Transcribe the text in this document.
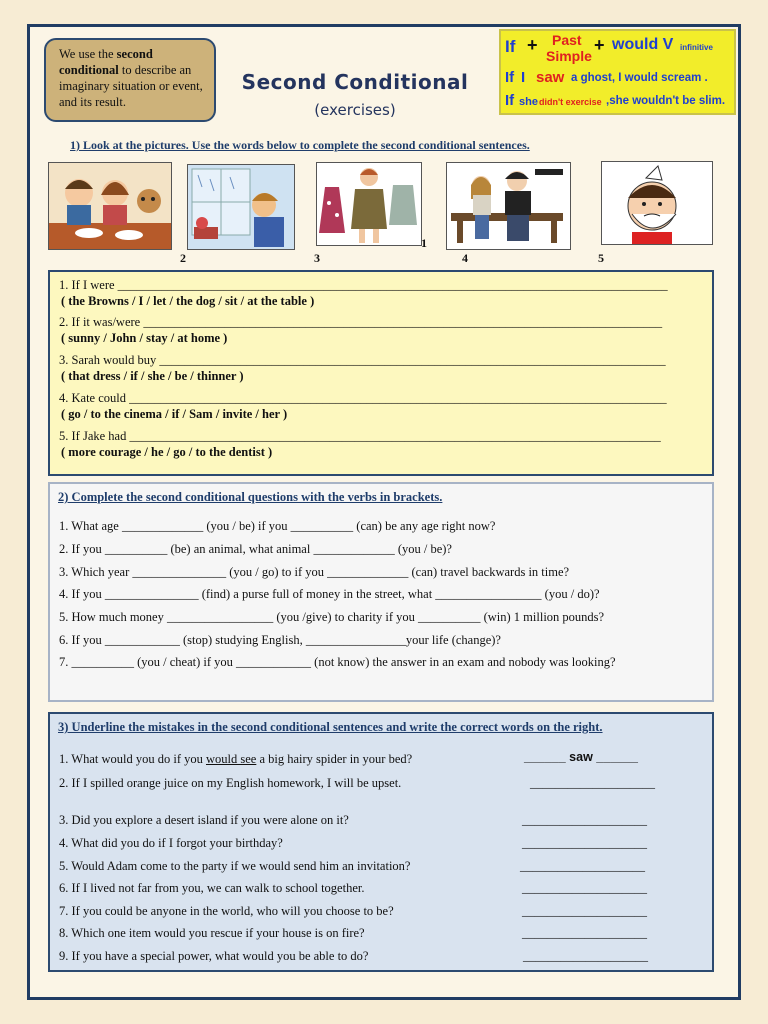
We use the second conditional to describe an imaginary situation or event, and its result.
Second Conditional
(exercises)
If + Past
Simple
+ would V infinitive
If I saw a ghost, I would scream .
If she didn't exercise ,she wouldn't be slim.
1) Look at the pictures. Use the words below to complete the second conditional sentences.
1
2	3	4	5
1. If I were ________________________________________________________________________________________
( the Browns / I / let / the dog / sit / at the table )
2. If it was/were ___________________________________________________________________________________
( sunny / John / stay / at home )
3. Sarah would buy _________________________________________________________________________________
( that dress / if / she / be / thinner )
4. Kate could ______________________________________________________________________________________
( go / to the cinema / if / Sam / invite / her )
5. If Jake had _____________________________________________________________________________________
( more courage / he / go / to the dentist )
2) Complete the second conditional questions with the verbs in brackets.
1. What age _____________ (you / be) if you __________ (can) be any age right now?
2. If you __________ (be) an animal, what animal _____________ (you / be)?
3. Which year _______________ (you / go) to if you _____________ (can) travel backwards in time?
4. If you _______________ (find) a purse full of money in the street, what _________________ (you / do)?
5. How much money _________________ (you /give) to charity if you __________ (win) 1 million pounds?
6. If you ____________ (stop) studying English, ________________your life (change)?
7. __________ (you / cheat) if you ____________ (not know) the answer in an exam and nobody was looking?
3) Underline the mistakes in the second conditional sentences and write the correct words on the right.
1. What would you do if you would see a big hairy spider in your bed?	______ saw ______
2. If I spilled orange juice on my English homework, I will be upset.	____________________
3. Did you explore a desert island if you were alone on it?	____________________
4. What did you do if I forgot your birthday?	____________________
5. Would Adam come to the party if we would send him an invitation?	____________________
6. If I lived not far from you, we can walk to school together.	____________________
7. If you could be anyone in the world, who will you choose to be?	____________________
8. Which one item would you rescue if your house is on fire?	____________________
9. If you have a special power, what would you be able to do?	____________________
